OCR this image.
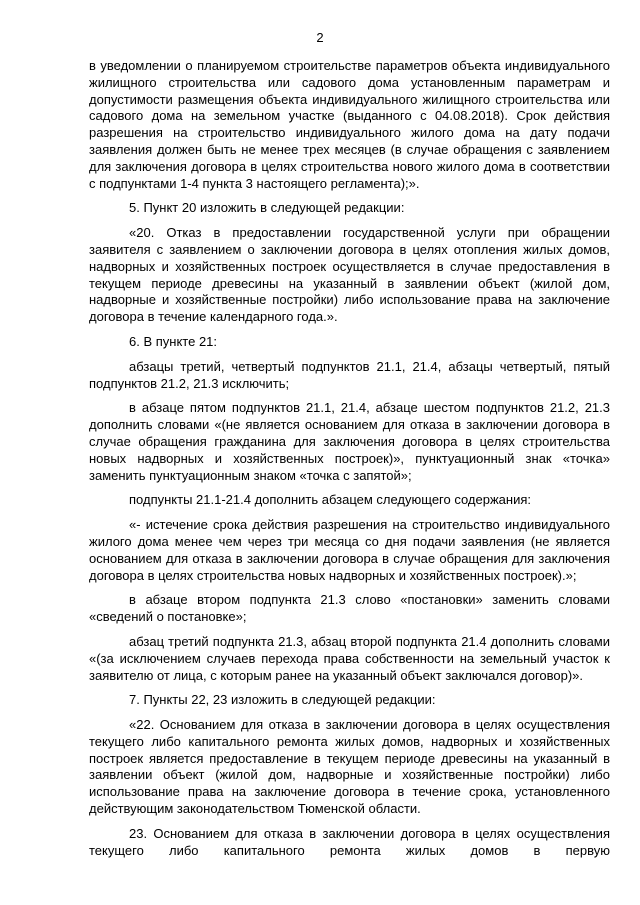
2

в уведомлении о планируемом строительстве параметров объекта индивидуального жилищного строительства или садового дома установленным параметрам и допустимости размещения объекта индивидуального жилищного строительства или садового дома на земельном участке (выданного с 04.08.2018). Срок действия разрешения на строительство индивидуального жилого дома на дату подачи заявления должен быть не менее трех месяцев (в случае обращения с заявлением для заключения договора в целях строительства нового жилого дома в соответствии с подпунктами 1-4 пункта 3 настоящего регламента);».

5. Пункт 20 изложить в следующей редакции:

«20. Отказ в предоставлении государственной услуги при обращении заявителя с заявлением о заключении договора в целях отопления жилых домов, надворных и хозяйственных построек осуществляется в случае предоставления в текущем периоде древесины на указанный в заявлении объект (жилой дом, надворные и хозяйственные постройки) либо использование права на заключение договора в течение календарного года.».

6. В пункте 21:

абзацы третий, четвертый подпунктов 21.1, 21.4, абзацы четвертый, пятый подпунктов 21.2, 21.3 исключить;

в абзаце пятом подпунктов 21.1, 21.4, абзаце шестом подпунктов 21.2, 21.3 дополнить словами «(не является основанием для отказа в заключении договора в случае обращения гражданина для заключения договора в целях строительства новых надворных и хозяйственных построек)», пунктуационный знак «точка» заменить пунктуационным знаком «точка с запятой»;

подпункты 21.1-21.4 дополнить абзацем следующего содержания:

«- истечение срока действия разрешения на строительство индивидуального жилого дома менее чем через три месяца со дня подачи заявления (не является основанием для отказа в заключении договора в случае обращения для заключения договора в целях строительства новых надворных и хозяйственных построек).»;

в абзаце втором подпункта 21.3 слово «постановки» заменить словами «сведений о постановке»;

абзац третий подпункта 21.3, абзац второй подпункта 21.4 дополнить словами «(за исключением случаев перехода права собственности на земельный участок к заявителю от лица, с которым ранее на указанный объект заключался договор)».

7. Пункты 22, 23 изложить в следующей редакции:

«22. Основанием для отказа в заключении договора в целях осуществления текущего либо капитального ремонта жилых домов, надворных и хозяйственных построек является предоставление в текущем периоде древесины на указанный в заявлении объект (жилой дом, надворные и хозяйственные постройки) либо использование права на заключение договора в течение срока, установленного действующим законодательством Тюменской области.

23. Основанием для отказа в заключении договора в целях осуществления текущего либо капитального ремонта жилых домов в первую
